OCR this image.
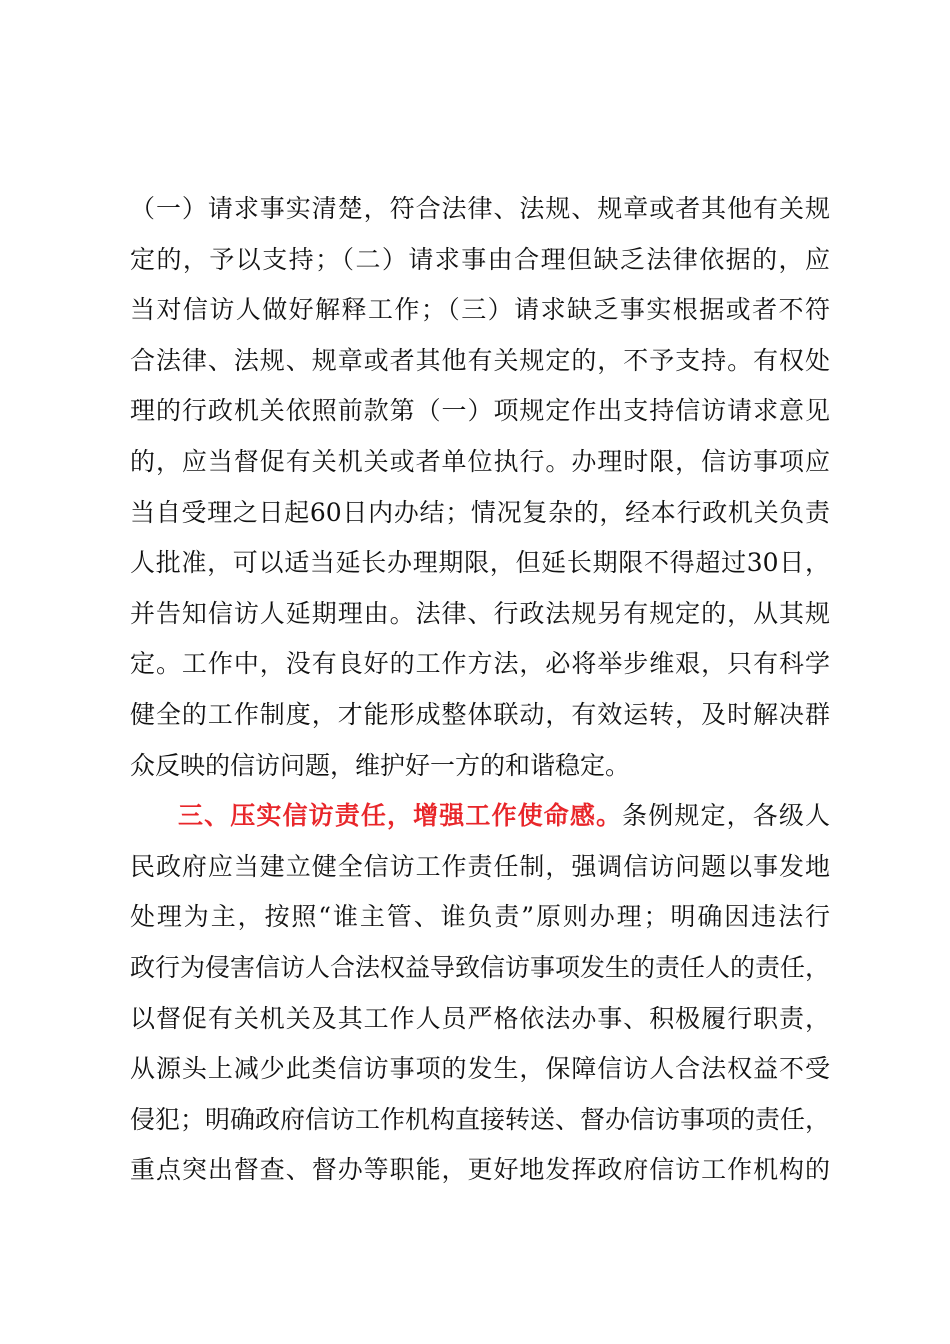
（一）请求事实清楚，符合法律、法规、规章或者其他有关规
定的，予以支持；（二）请求事由合理但缺乏法律依据的，应
当对信访人做好解释工作；（三）请求缺乏事实根据或者不符
合法律、法规、规章或者其他有关规定的，不予支持。有权处
理的行政机关依照前款第（一）项规定作出支持信访请求意见
的，应当督促有关机关或者单位执行。办理时限，信访事项应
当自受理之日起60日内办结；情况复杂的，经本行政机关负责
人批准，可以适当延长办理期限，但延长期限不得超过30日，
并告知信访人延期理由。法律、行政法规另有规定的，从其规
定。工作中，没有良好的工作方法，必将举步维艰，只有科学
健全的工作制度，才能形成整体联动，有效运转，及时解决群
众反映的信访问题，维护好一方的和谐稳定。
三、压实信访责任，增强工作使命感。条例规定，各级人
民政府应当建立健全信访工作责任制，强调信访问题以事发地
处理为主，按照“谁主管、谁负责”原则办理；明确因违法行
政行为侵害信访人合法权益导致信访事项发生的责任人的责任，
以督促有关机关及其工作人员严格依法办事、积极履行职责，
从源头上减少此类信访事项的发生，保障信访人合法权益不受
侵犯；明确政府信访工作机构直接转送、督办信访事项的责任，
重点突出督查、督办等职能，更好地发挥政府信访工作机构的
